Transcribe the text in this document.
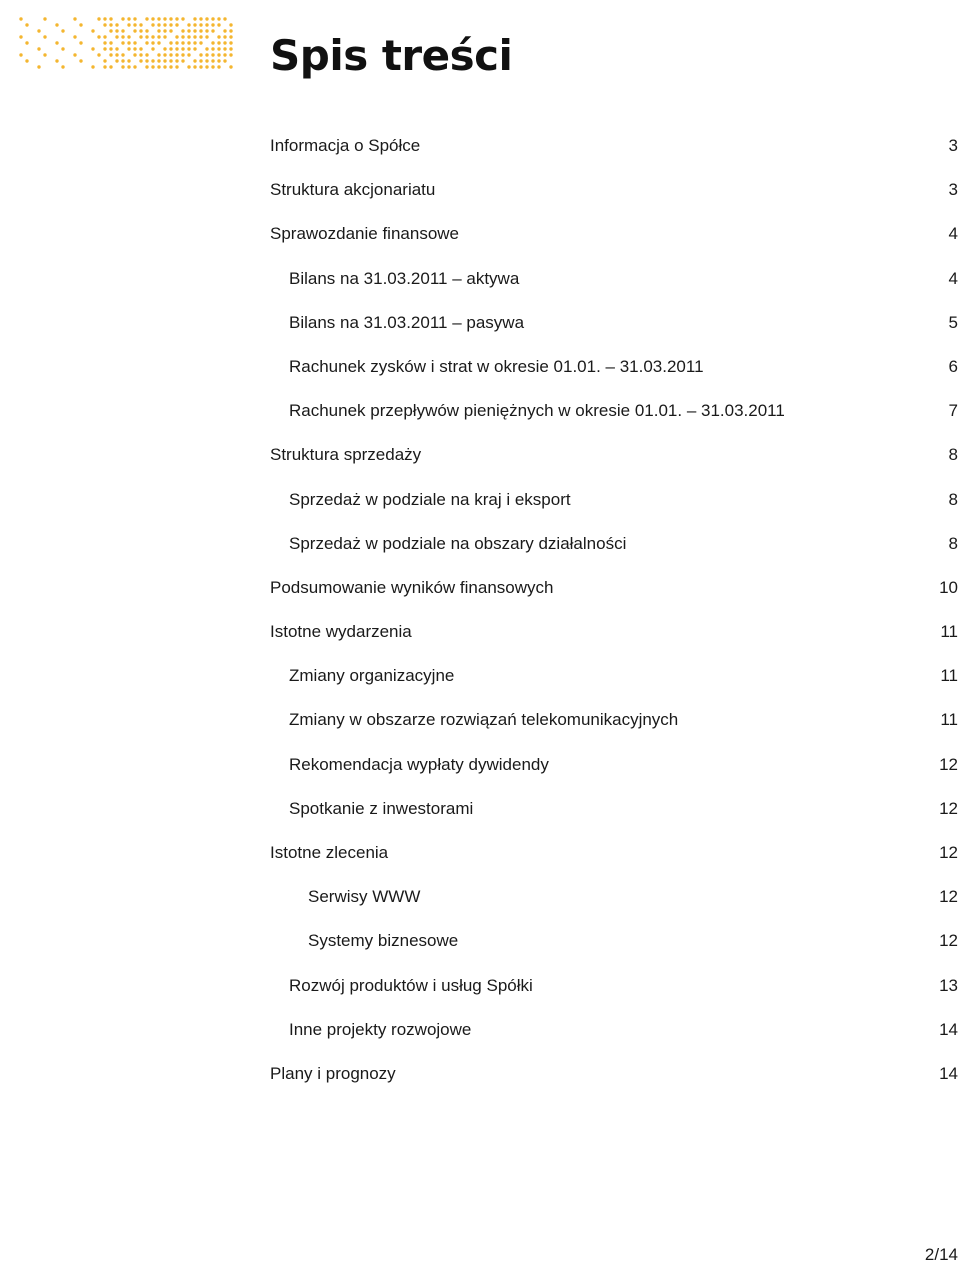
Spis treści
Informacja o Spółce	3
Struktura akcjonariatu	3
Sprawozdanie finansowe	4
Bilans na 31.03.2011 – aktywa	4
Bilans na 31.03.2011 – pasywa	5
Rachunek zysków i strat w okresie 01.01. – 31.03.2011	6
Rachunek przepływów pieniężnych w okresie 01.01. – 31.03.2011	7
Struktura sprzedaży	8
Sprzedaż w podziale na kraj i eksport	8
Sprzedaż w podziale na obszary działalności	8
Podsumowanie wyników finansowych	10
Istotne wydarzenia	11
Zmiany organizacyjne	11
Zmiany w obszarze rozwiązań telekomunikacyjnych	11
Rekomendacja wypłaty dywidendy	12
Spotkanie z inwestorami	12
Istotne zlecenia	12
Serwisy WWW	12
Systemy biznesowe	12
Rozwój produktów i usług Spółki	13
Inne projekty rozwojowe	14
Plany i prognozy	14
2/14
